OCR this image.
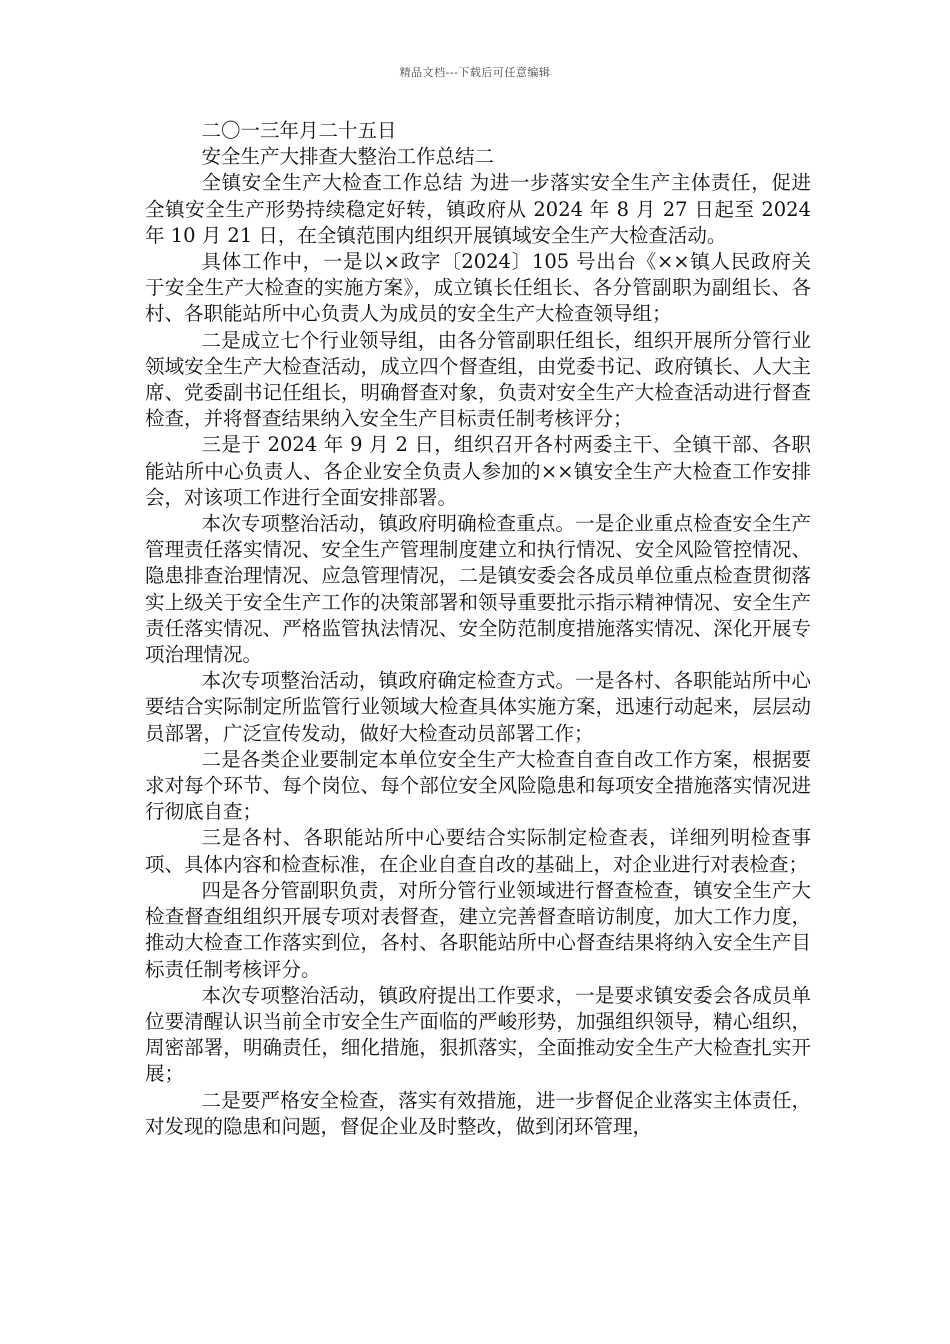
精品文档---下载后可任意编辑

二〇一三年月二十五日

安全生产大排查大整治工作总结二

全镇安全生产大检查工作总结 为进一步落实安全生产主体责任，促进全镇安全生产形势持续稳定好转，镇政府从 2024 年 8 月 27 日起至 2024 年 10 月 21 日，在全镇范围内组织开展镇域安全生产大检查活动。

具体工作中，一是以×政字〔2024〕105 号出台《××镇人民政府关于安全生产大检查的实施方案》，成立镇长任组长、各分管副职为副组长、各村、各职能站所中心负责人为成员的安全生产大检查领导组；

二是成立七个行业领导组，由各分管副职任组长，组织开展所分管行业领域安全生产大检查活动，成立四个督查组，由党委书记、政府镇长、人大主席、党委副书记任组长，明确督查对象，负责对安全生产大检查活动进行督查检查，并将督查结果纳入安全生产目标责任制考核评分；

三是于 2024 年 9 月 2 日，组织召开各村两委主干、全镇干部、各职能站所中心负责人、各企业安全负责人参加的××镇安全生产大检查工作安排会，对该项工作进行全面安排部署。

本次专项整治活动，镇政府明确检查重点。一是企业重点检查安全生产管理责任落实情况、安全生产管理制度建立和执行情况、安全风险管控情况、隐患排查治理情况、应急管理情况，二是镇安委会各成员单位重点检查贯彻落实上级关于安全生产工作的决策部署和领导重要批示指示精神情况、安全生产责任落实情况、严格监管执法情况、安全防范制度措施落实情况、深化开展专项治理情况。

本次专项整治活动，镇政府确定检查方式。一是各村、各职能站所中心要结合实际制定所监管行业领域大检查具体实施方案，迅速行动起来，层层动员部署，广泛宣传发动，做好大检查动员部署工作；

二是各类企业要制定本单位安全生产大检查自查自改工作方案，根据要求对每个环节、每个岗位、每个部位安全风险隐患和每项安全措施落实情况进行彻底自查；

三是各村、各职能站所中心要结合实际制定检查表，详细列明检查事项、具体内容和检查标准，在企业自查自改的基础上，对企业进行对表检查；

四是各分管副职负责，对所分管行业领域进行督查检查，镇安全生产大检查督查组组织开展专项对表督查，建立完善督查暗访制度，加大工作力度，推动大检查工作落实到位，各村、各职能站所中心督查结果将纳入安全生产目标责任制考核评分。

本次专项整治活动，镇政府提出工作要求，一是要求镇安委会各成员单位要清醒认识当前全市安全生产面临的严峻形势，加强组织领导，精心组织，周密部署，明确责任，细化措施，狠抓落实，全面推动安全生产大检查扎实开展；

二是要严格安全检查，落实有效措施，进一步督促企业落实主体责任，对发现的隐患和问题，督促企业及时整改，做到闭环管理，
